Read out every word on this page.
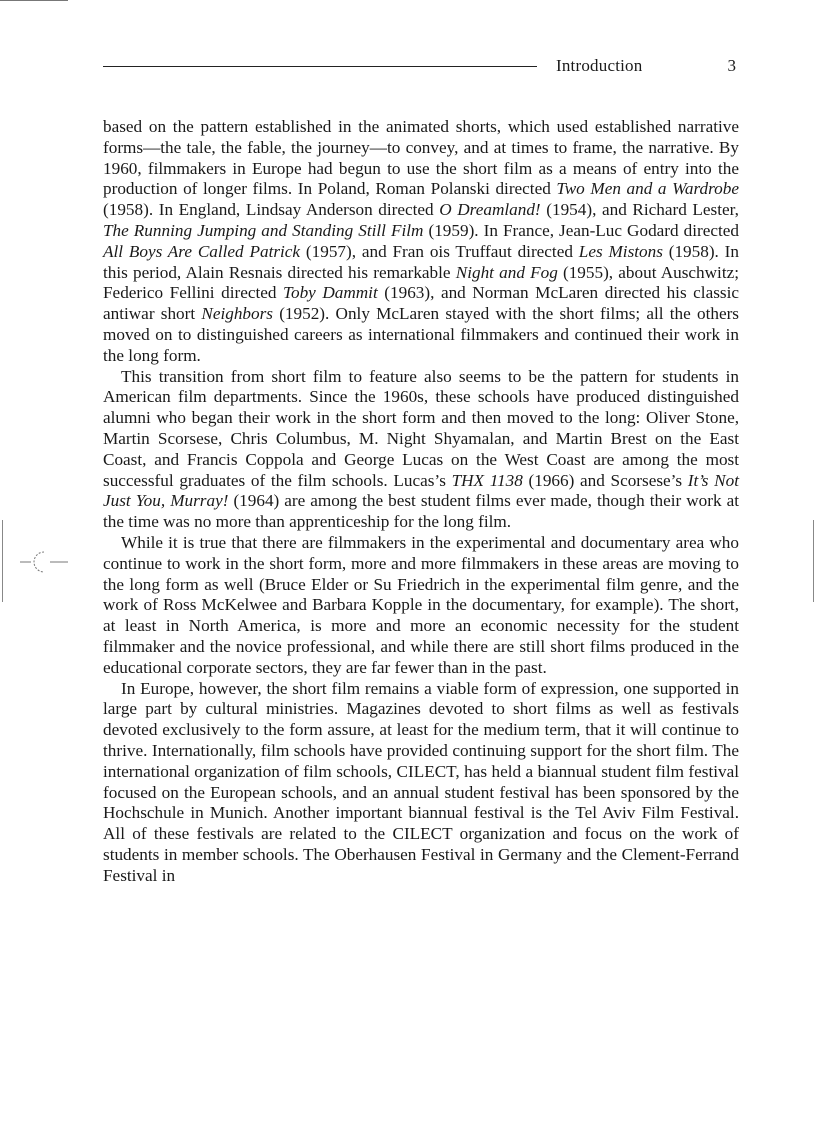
Introduction	3

based on the pattern established in the animated shorts, which used established narrative forms—the tale, the fable, the journey—to convey, and at times to frame, the narrative. By 1960, filmmakers in Europe had begun to use the short film as a means of entry into the production of longer films. In Poland, Roman Polanski directed Two Men and a Wardrobe (1958). In England, Lindsay Anderson directed O Dreamland! (1954), and Richard Lester, The Running Jumping and Standing Still Film (1959). In France, Jean-Luc Godard directed All Boys Are Called Patrick (1957), and Fran ois Truffaut directed Les Mistons (1958). In this period, Alain Resnais directed his remarkable Night and Fog (1955), about Auschwitz; Federico Fellini directed Toby Dammit (1963), and Norman McLaren directed his classic antiwar short Neighbors (1952). Only McLaren stayed with the short films; all the others moved on to distinguished careers as international filmmakers and continued their work in the long form.

This transition from short film to feature also seems to be the pattern for students in American film departments. Since the 1960s, these schools have produced distinguished alumni who began their work in the short form and then moved to the long: Oliver Stone, Martin Scorsese, Chris Columbus, M. Night Shyamalan, and Martin Brest on the East Coast, and Francis Coppola and George Lucas on the West Coast are among the most successful graduates of the film schools. Lucas’s THX 1138 (1966) and Scorsese’s It’s Not Just You, Murray! (1964) are among the best student films ever made, though their work at the time was no more than apprenticeship for the long film.

While it is true that there are filmmakers in the experimental and documentary area who continue to work in the short form, more and more filmmakers in these areas are moving to the long form as well (Bruce Elder or Su Friedrich in the experimental film genre, and the work of Ross McKelwee and Barbara Kopple in the documentary, for example). The short, at least in North America, is more and more an economic necessity for the student filmmaker and the novice professional, and while there are still short films produced in the educational corporate sectors, they are far fewer than in the past.

In Europe, however, the short film remains a viable form of expression, one supported in large part by cultural ministries. Magazines devoted to short films as well as festivals devoted exclusively to the form assure, at least for the medium term, that it will continue to thrive. Internationally, film schools have provided continuing support for the short film. The international organization of film schools, CILECT, has held a biannual student film festival focused on the European schools, and an annual student festival has been sponsored by the Hochschule in Munich. Another important biannual festival is the Tel Aviv Film Festival. All of these festivals are related to the CILECT organization and focus on the work of students in member schools. The Oberhausen Festival in Germany and the Clement-Ferrand Festival in
